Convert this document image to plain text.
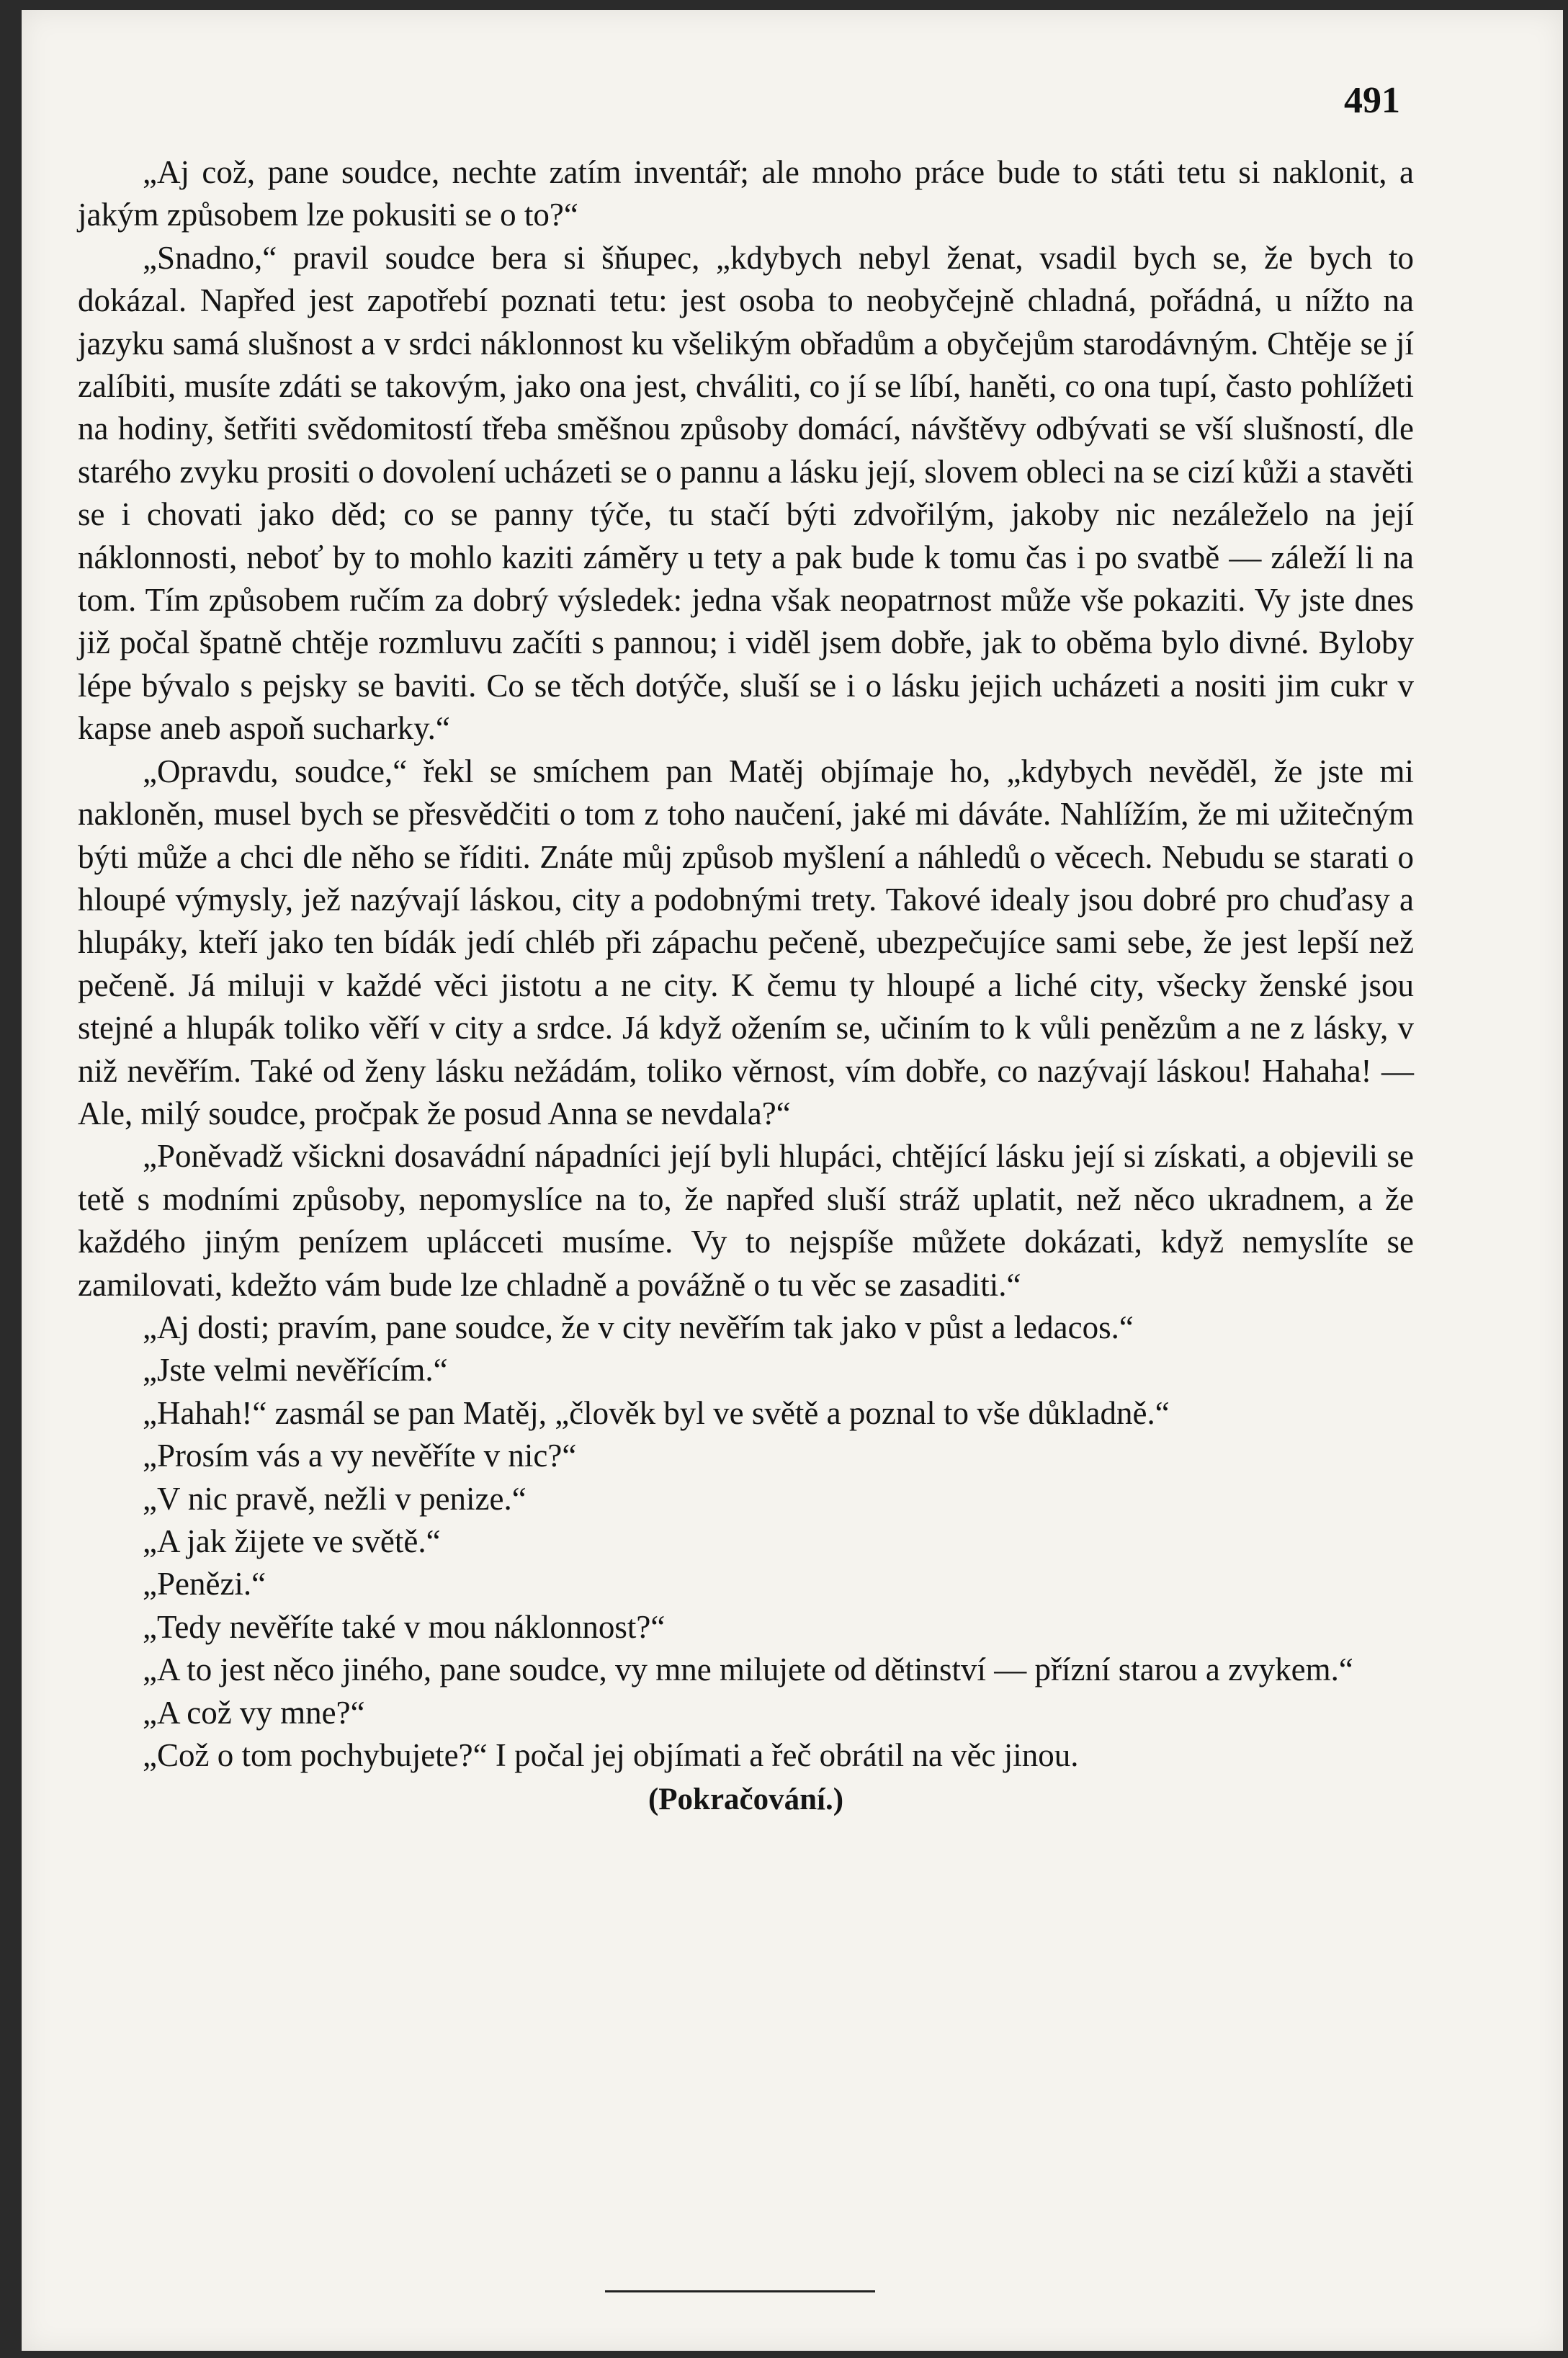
491

„Aj což, pane soudce, nechte zatím inventář; ale mnoho práce bude to státi tetu si naklonit, a jakým způsobem lze pokusiti se o to?“

„Snadno,“ pravil soudce bera si šňupec, „kdybych nebyl ženat, vsadil bych se, že bych to dokázal. Napřed jest zapotřebí poznati tetu: jest osoba to neobyčejně chladná, pořádná, u nížto na jazyku samá slušnost a v srdci náklonnost ku všelikým obřadům a obyčejům starodávným. Chtěje se jí zalíbiti, musíte zdáti se takovým, jako ona jest, chváliti, co jí se líbí, haněti, co ona tupí, často pohlížeti na hodiny, šetřiti svědomitostí třeba směšnou způsoby domácí, návštěvy odbývati se vší slušností, dle starého zvyku prositi o dovolení ucházeti se o pannu a lásku její, slovem obleci na se cizí kůži a stavěti se i chovati jako děd; co se panny týče, tu stačí býti zdvořilým, jakoby nic nezáleželo na její náklonnosti, neboť by to mohlo kaziti záměry u tety a pak bude k tomu čas i po svatbě — záleží li na tom. Tím způsobem ručím za dobrý výsledek: jedna však neopatrnost může vše pokaziti. Vy jste dnes již počal špatně chtěje rozmluvu začíti s pannou; i viděl jsem dobře, jak to oběma bylo divné. Byloby lépe bývalo s pejsky se baviti. Co se těch dotýče, sluší se i o lásku jejich ucházeti a nositi jim cukr v kapse aneb aspoň sucharky.“

„Opravdu, soudce,“ řekl se smíchem pan Matěj objímaje ho, „kdybych nevěděl, že jste mi nakloněn, musel bych se přesvědčiti o tom z toho naučení, jaké mi dáváte. Nahlížím, že mi užitečným býti může a chci dle něho se říditi. Znáte můj způsob myšlení a náhledů o věcech. Nebudu se starati o hloupé výmysly, jež nazývají láskou, city a podobnými trety. Takové idealy jsou dobré pro chuďasy a hlupáky, kteří jako ten bídák jedí chléb při zápachu pečeně, ubezpečujíce sami sebe, že jest lepší než pečeně. Já miluji v každé věci jistotu a ne city. K čemu ty hloupé a liché city, všecky ženské jsou stejné a hlupák toliko věří v city a srdce. Já když ožením se, učiním to k vůli penězům a ne z lásky, v niž nevěřím. Také od ženy lásku nežádám, toliko věrnost, vím dobře, co nazývají láskou! Hahaha! — Ale, milý soudce, pročpak že posud Anna se nevdala?“

„Poněvadž všickni dosavádní nápadníci její byli hlupáci, chtějící lásku její si získati, a objevili se tetě s modními způsoby, nepomyslíce na to, že napřed sluší stráž uplatit, než něco ukradnem, a že každého jiným penízem uplácceti musíme. Vy to nejspíše můžete dokázati, když nemyslíte se zamilovati, kdežto vám bude lze chladně a povážně o tu věc se zasaditi.“

„Aj dosti; pravím, pane soudce, že v city nevěřím tak jako v půst a ledacos.“

„Jste velmi nevěřícím.“

„Hahah!“ zasmál se pan Matěj, „člověk byl ve světě a poznal to vše důkladně.“

„Prosím vás a vy nevěříte v nic?“

„V nic pravě, nežli v penize.“

„A jak žijete ve světě.“

„Penězi.“

„Tedy nevěříte také v mou náklonnost?“

„A to jest něco jiného, pane soudce, vy mne milujete od dětinství — přízní starou a zvykem.“

„A což vy mne?“

„Což o tom pochybujete?“ I počal jej objímati a řeč obrátil na věc jinou.

(Pokračování.)
